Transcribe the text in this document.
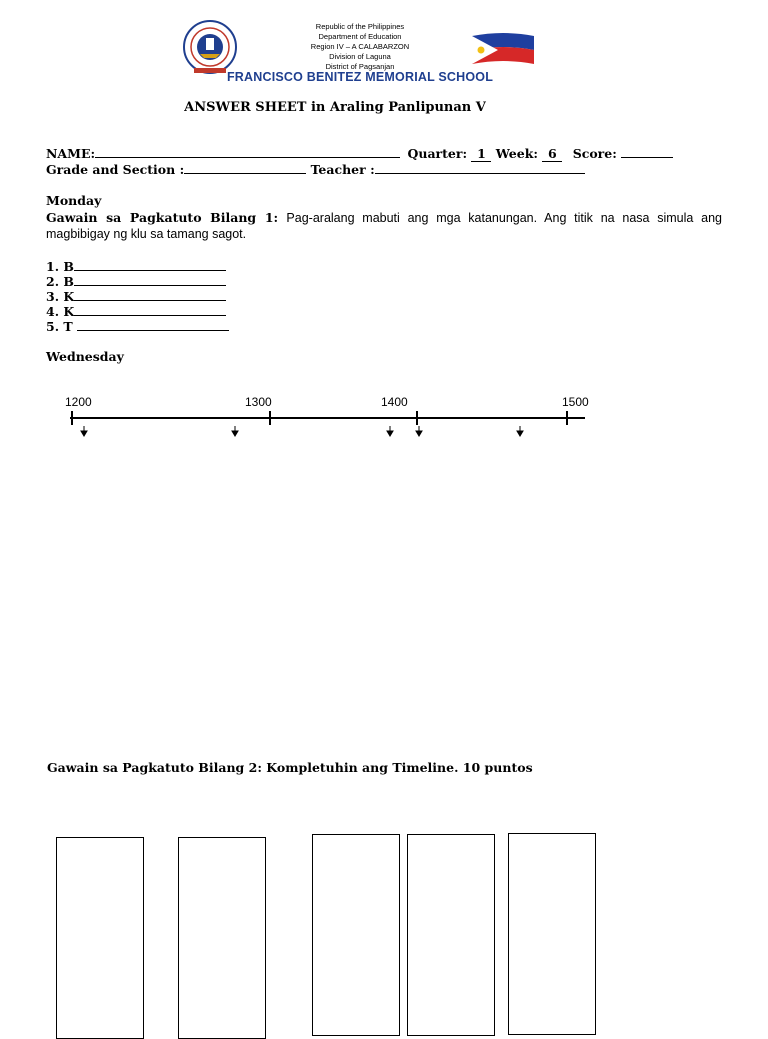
Republic of the Philippines
Department of Education
Region IV – A CALABARZON
Division of Laguna
District of Pagsanjan
FRANCISCO BENITEZ MEMORIAL SCHOOL
ANSWER SHEET in Araling Panlipunan V
NAME:	Quarter: 1 Week: 6 Score:
Grade and Section :	Teacher :
Monday
Gawain sa Pagkatuto Bilang 1: Pag-aralang mabuti ang mga katanungan. Ang titik na nasa simula ang magbibigay ng klu sa tamang sagot.
1. B
2. B
3. K
4. K
5. T
Wednesday
1200	1300	1400	1500
Gawain sa Pagkatuto Bilang 2: Kompletuhin ang Timeline. 10 puntos
